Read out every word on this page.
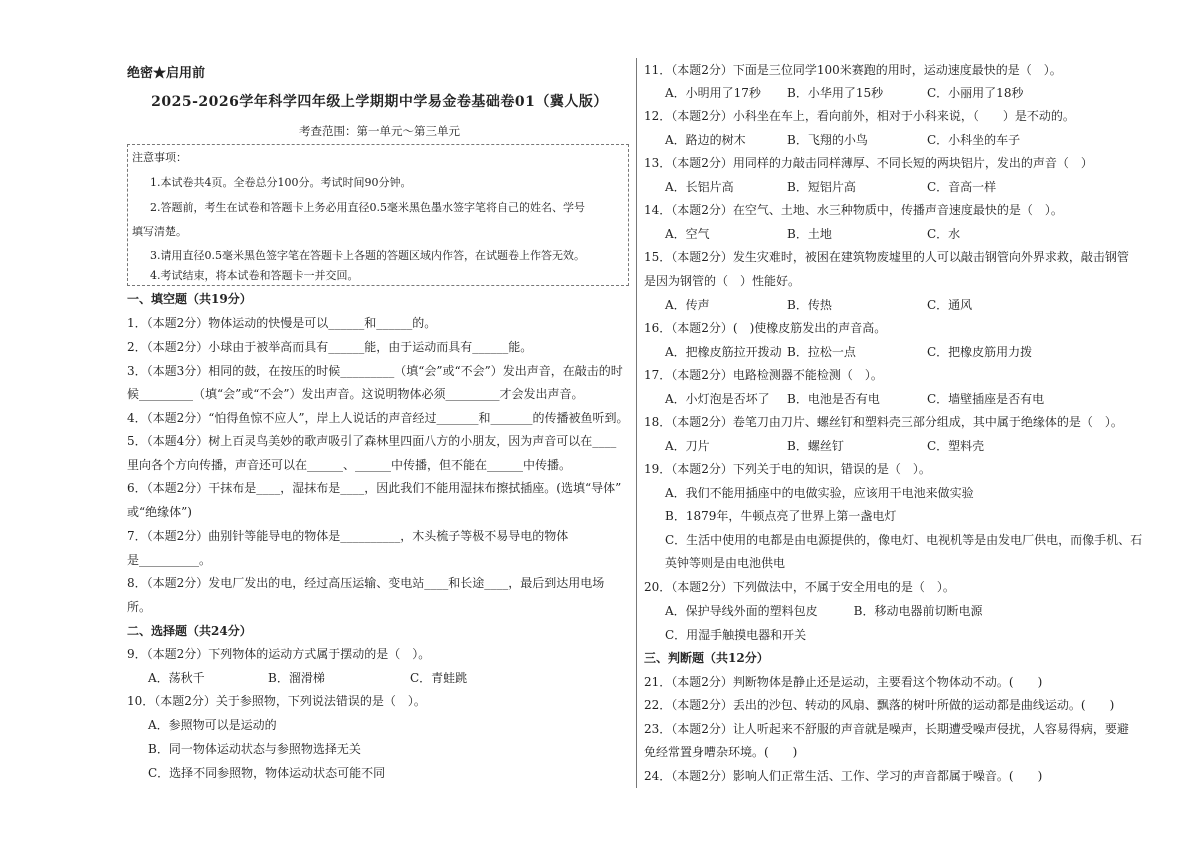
绝密★启用前
2025-2026学年科学四年级上学期期中学易金卷基础卷01（冀人版）
考查范围：第一单元～第三单元
注意事项：
1.本试卷共4页。全卷总分100分。考试时间90分钟。
2.答题前，考生在试卷和答题卡上务必用直径0.5毫米黑色墨水签字笔将自己的姓名、学号
填写清楚。
3.请用直径0.5毫米黑色签字笔在答题卡上各题的答题区域内作答，在试题卷上作答无效。
4.考试结束，将本试卷和答题卡一并交回。
一、填空题（共19分）
1．（本题2分）物体运动的快慢是可以______和______的。
2．（本题2分）小球由于被举高而具有______能，由于运动而具有______能。
3．（本题3分）相同的鼓，在按压的时候_________（填“会”或“不会”）发出声音，在敲击的时
候_________（填“会”或“不会”）发出声音。这说明物体必须_________才会发出声音。
4．（本题2分）“怕得鱼惊不应人”，岸上人说话的声音经过_______和_______的传播被鱼听到。
5．（本题4分）树上百灵鸟美妙的歌声吸引了森林里四面八方的小朋友，因为声音可以在____
里向各个方向传播，声音还可以在______、______中传播，但不能在______中传播。
6．（本题2分）干抹布是____，湿抹布是____，因此我们不能用湿抹布擦拭插座。(选填“导体”
或“绝缘体”)
7．（本题2分）曲别针等能导电的物体是__________，木头梳子等极不易导电的物体
是__________。
8．（本题2分）发电厂发出的电，经过高压运输、变电站____和长途____，最后到达用电场
所。
二、选择题（共24分）
9．（本题2分）下列物体的运动方式属于摆动的是（　）。
A．荡秋千	B．溜滑梯	C．青蛙跳
10．（本题2分）关于参照物，下列说法错误的是（　）。
A．参照物可以是运动的
B．同一物体运动状态与参照物选择无关
C．选择不同参照物，物体运动状态可能不同
11．（本题2分）下面是三位同学100米赛跑的用时，运动速度最快的是（　）。
A．小明用了17秒 B．小华用了15秒	C．小丽用了18秒
12．（本题2分）小科坐在车上，看向前外，相对于小科来说，（　　）是不动的。
A．路边的树木	B．飞翔的小鸟	C．小科坐的车子
13．（本题2分）用同样的力敲击同样薄厚、不同长短的两块铝片，发出的声音（　）
A．长铝片高	B．短铝片高	C．音高一样
14．（本题2分）在空气、土地、水三种物质中，传播声音速度最快的是（　）。
A．空气	B．土地	C．水
15．（本题2分）发生灾难时，被困在建筑物废墟里的人可以敲击钢管向外界求救，敲击钢管
是因为钢管的（　）性能好。
A．传声	B．传热	C．通风
16．（本题2分）(　)使橡皮筋发出的声音高。
A．把橡皮筋拉开拨动 B．拉松一点	C．把橡皮筋用力拨
17．（本题2分）电路检测器不能检测（　）。
A．小灯泡是否坏了 B．电池是否有电	C．墙壁插座是否有电
18．（本题2分）卷笔刀由刀片、螺丝钉和塑料壳三部分组成，其中属于绝缘体的是（　）。
A．刀片	B．螺丝钉	C．塑料壳
19．（本题2分）下列关于电的知识，错误的是（　）。
A．我们不能用插座中的电做实验，应该用干电池来做实验
B．1879年，牛顿点亮了世界上第一盏电灯
C．生活中使用的电都是由电源提供的，像电灯、电视机等是由发电厂供电，而像手机、石
英钟等则是由电池供电
20．（本题2分）下列做法中，不属于安全用电的是（　）。
A．保护导线外面的塑料包皮　　　B．移动电器前切断电源
C．用湿手触摸电器和开关
三、判断题（共12分）
21．（本题2分）判断物体是静止还是运动，主要看这个物体动不动。(　　)
22．（本题2分）丢出的沙包、转动的风扇、飘落的树叶所做的运动都是曲线运动。(　　)
23．（本题2分）让人听起来不舒服的声音就是噪声，长期遭受噪声侵扰，人容易得病，要避
免经常置身嘈杂环境。(　　)
24．（本题2分）影响人们正常生活、工作、学习的声音都属于噪音。(　　)
